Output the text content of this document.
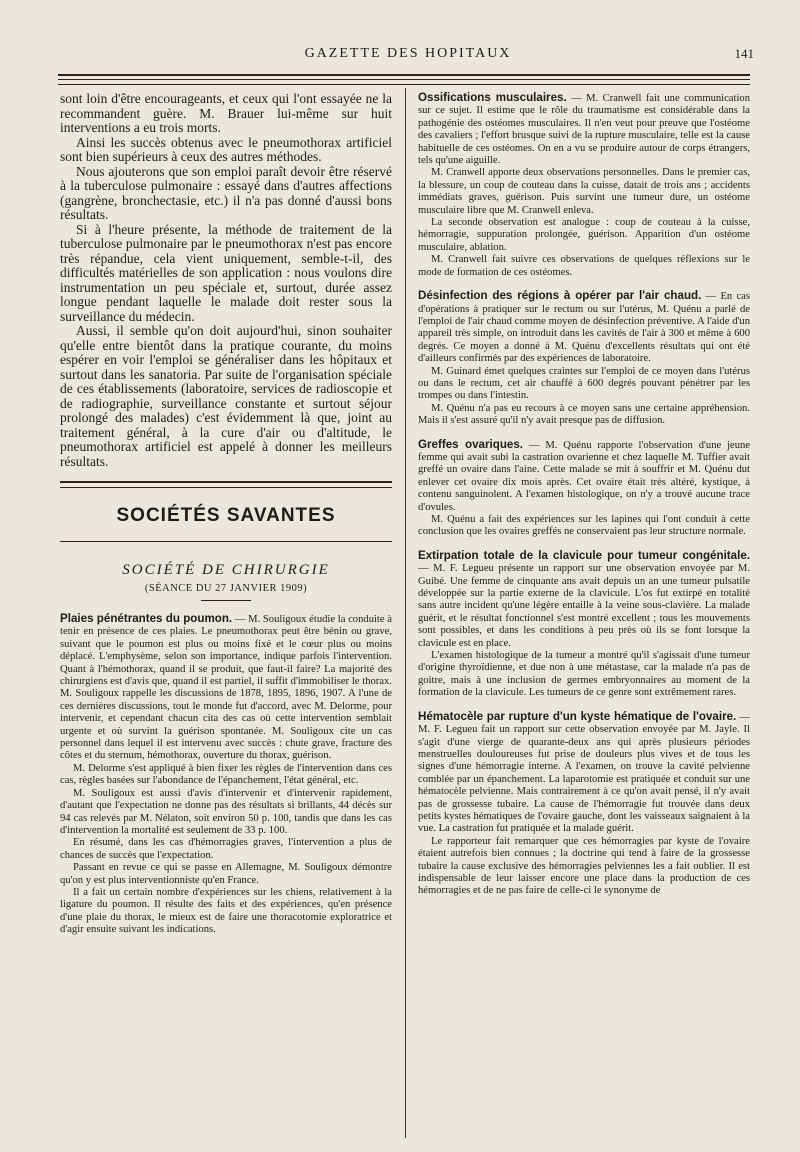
GAZETTE DES HOPITAUX	141

sont loin d'être encourageants, et ceux qui l'ont essayée ne la recommandent guère. M. Brauer lui-même sur huit interventions a eu trois morts.

Ainsi les succès obtenus avec le pneumothorax artificiel sont bien supérieurs à ceux des autres méthodes.

Nous ajouterons que son emploi paraît devoir être réservé à la tuberculose pulmonaire : essayé dans d'autres affections (gangrène, bronchectasie, etc.) il n'a pas donné d'aussi bons résultats.

Si à l'heure présente, la méthode de traitement de la tuberculose pulmonaire par le pneumothorax n'est pas encore très répandue, cela vient uniquement, semble-t-il, des difficultés matérielles de son application : nous voulons dire instrumentation un peu spéciale et, surtout, durée assez longue pendant laquelle le malade doit rester sous la surveillance du médecin.

Aussi, il semble qu'on doit aujourd'hui, sinon souhaiter qu'elle entre bientôt dans la pratique courante, du moins espérer en voir l'emploi se généraliser dans les hôpitaux et surtout dans les sanatoria. Par suite de l'organisation spéciale de ces établissements (laboratoire, services de radioscopie et de radiographie, surveillance constante et surtout séjour prolongé des malades) c'est évidemment là que, joint au traitement général, à la cure d'air ou d'altitude, le pneumothorax artificiel est appelé à donner les meilleurs résultats.

SOCIÉTÉS SAVANTES
SOCIÉTÉ DE CHIRURGIE
(SÉANCE DU 27 JANVIER 1909)

Plaies pénétrantes du poumon. — M. Souligoux étudie la conduite à tenir en présence de ces plaies. Le pneumothorax peut être bénin ou grave, suivant que le poumon est plus ou moins fixé et le cœur plus ou moins déplacé. L'emphysème, selon son importance, indique parfois l'intervention. Quant à l'hémothorax, quand il se produit, que faut-il faire? La majorité des chirurgiens est d'avis que, quand il est partiel, il suffit d'immobiliser le thorax. M. Souligoux rappelle les discussions de 1878, 1895, 1896, 1907. A l'une de ces dernières discussions, tout le monde fut d'accord, avec M. Delorme, pour intervenir, et cependant chacun cita des cas où cette intervention semblait urgente et où survint la guérison spontanée. M. Souligoux cite un cas personnel dans lequel il est intervenu avec succès : chute grave, fracture des côtes et du sternum, hémothorax, ouverture du thorax, guérison.

M. Delorme s'est appliqué à bien fixer les règles de l'intervention dans ces cas, règles basées sur l'abondance de l'épanchement, l'état général, etc.

M. Souligoux est aussi d'avis d'intervenir et d'intervenir rapidement, d'autant que l'expectation ne donne pas des résultats si brillants, 44 décès sur 94 cas relevés par M. Nélaton, soit environ 50 p. 100, tandis que dans les cas d'intervention la mortalité est seulement de 33 p. 100.

En résumé, dans les cas d'hémorragies graves, l'intervention a plus de chances de succès que l'expectation.

Passant en revue ce qui se passe en Allemagne, M. Souligoux démontre qu'on y est plus interventionniste qu'en France.

Il a fait un certain nombre d'expériences sur les chiens, relativement à la ligature du poumon. Il résulte des faits et des expériences, qu'en présence d'une plaie du thorax, le mieux est de faire une thoracotomie exploratrice et d'agir ensuite suivant les indications.

Ossifications musculaires. — M. Cranwell fait une communication sur ce sujet. Il estime que le rôle du traumatisme est considérable dans la pathogénie des ostéomes musculaires. Il n'en veut pour preuve que l'ostéome des cavaliers ; l'effort brusque suivi de la rupture musculaire, telle est la cause habituelle de ces ostéomes. On en a vu se produire autour de corps étrangers, tels qu'une aiguille.

M. Cranwell apporte deux observations personnelles. Dans le premier cas, la blessure, un coup de couteau dans la cuisse, datait de trois ans ; accidents immédiats graves, guérison. Puis survint une tumeur dure, un ostéome musculaire libre que M. Cranwell enleva.

La seconde observation est analogue : coup de couteau à la cuisse, hémorragie, suppuration prolongée, guérison. Apparition d'un ostéome musculaire, ablation.

M. Cranwell fait suivre ces observations de quelques réflexions sur le mode de formation de ces ostéomes.

Désinfection des régions à opérer par l'air chaud. — En cas d'opérations à pratiquer sur le rectum ou sur l'utérus, M. Quénu a parlé de l'emploi de l'air chaud comme moyen de désinfection préventive. A l'aide d'un appareil très simple, on introduit dans les cavités de l'air à 300 et même à 600 degrés. Ce moyen a donné à M. Quénu d'excellents résultats qui ont été d'ailleurs confirmés par des expériences de laboratoire.

M. Guinard émet quelques craintes sur l'emploi de ce moyen dans l'utérus ou dans le rectum, cet air chauffé à 600 degrés pouvant pénétrer par les trompes ou dans l'intestin.

M. Quénu n'a pas eu recours à ce moyen sans une certaine appréhension. Mais il s'est assuré qu'il n'y avait presque pas de diffusion.

Greffes ovariques. — M. Quénu rapporte l'observation d'une jeune femme qui avait subi la castration ovarienne et chez laquelle M. Tuffier avait greffé un ovaire dans l'aine. Cette malade se mit à souffrir et M. Quénu dut enlever cet ovaire dix mois après. Cet ovaire était très altéré, kystique, à contenu sanguinolent. A l'examen histologique, on n'y a trouvé aucune trace d'ovules.

M. Quénu a fait des expériences sur les lapines qui l'ont conduit à cette conclusion que les ovaires greffés ne conservaient pas leur structure normale.

Extirpation totale de la clavicule pour tumeur congénitale. — M. F. Legueu présente un rapport sur une observation envoyée par M. Guibé. Une femme de cinquante ans avait depuis un an une tumeur pulsatile développée sur la partie externe de la clavicule. L'os fut extirpé en totalité sans autre incident qu'une légère entaille à la veine sous-clavière. La malade guérit, et le résultat fonctionnel s'est montré excellent ; tous les mouvements sont possibles, et dans les conditions à peu près où ils se font lorsque la clavicule est en place.

L'examen histologique de la tumeur a montré qu'il s'agissait d'une tumeur d'origine thyroïdienne, et due non à une métastase, car la malade n'a pas de goitre, mais à une inclusion de germes embryonnaires au moment de la formation de la clavicule. Les tumeurs de ce genre sont extrêmement rares.

Hématocèle par rupture d'un kyste hématique de l'ovaire. — M. F. Legueu fait un rapport sur cette observation envoyée par M. Jayle. Il s'agit d'une vierge de quarante-deux ans qui après plusieurs périodes menstruelles douloureuses fut prise de douleurs plus vives et de tous les signes d'une hémorragie interne. A l'examen, on trouve la cavité pelvienne comblée par un épanchement. La laparotomie est pratiquée et conduit sur une hématocèle pelvienne. Mais contrairement à ce qu'on avait pensé, il n'y avait pas de grossesse tubaire. La cause de l'hémorragie fut trouvée dans deux petits kystes hématiques de l'ovaire gauche, dont les vaisseaux saignaient à la vue. La castration fut pratiquée et la malade guérit.

Le rapporteur fait remarquer que ces hémorragies par kyste de l'ovaire étaient autrefois bien connues ; la doctrine qui tend à faire de la grossesse tubaire la cause exclusive des hémorragies pelviennes les a fait oublier. Il est indispensable de leur laisser encore une place dans la production de ces hémorragies et de ne pas faire de celle-ci le synonyme de
